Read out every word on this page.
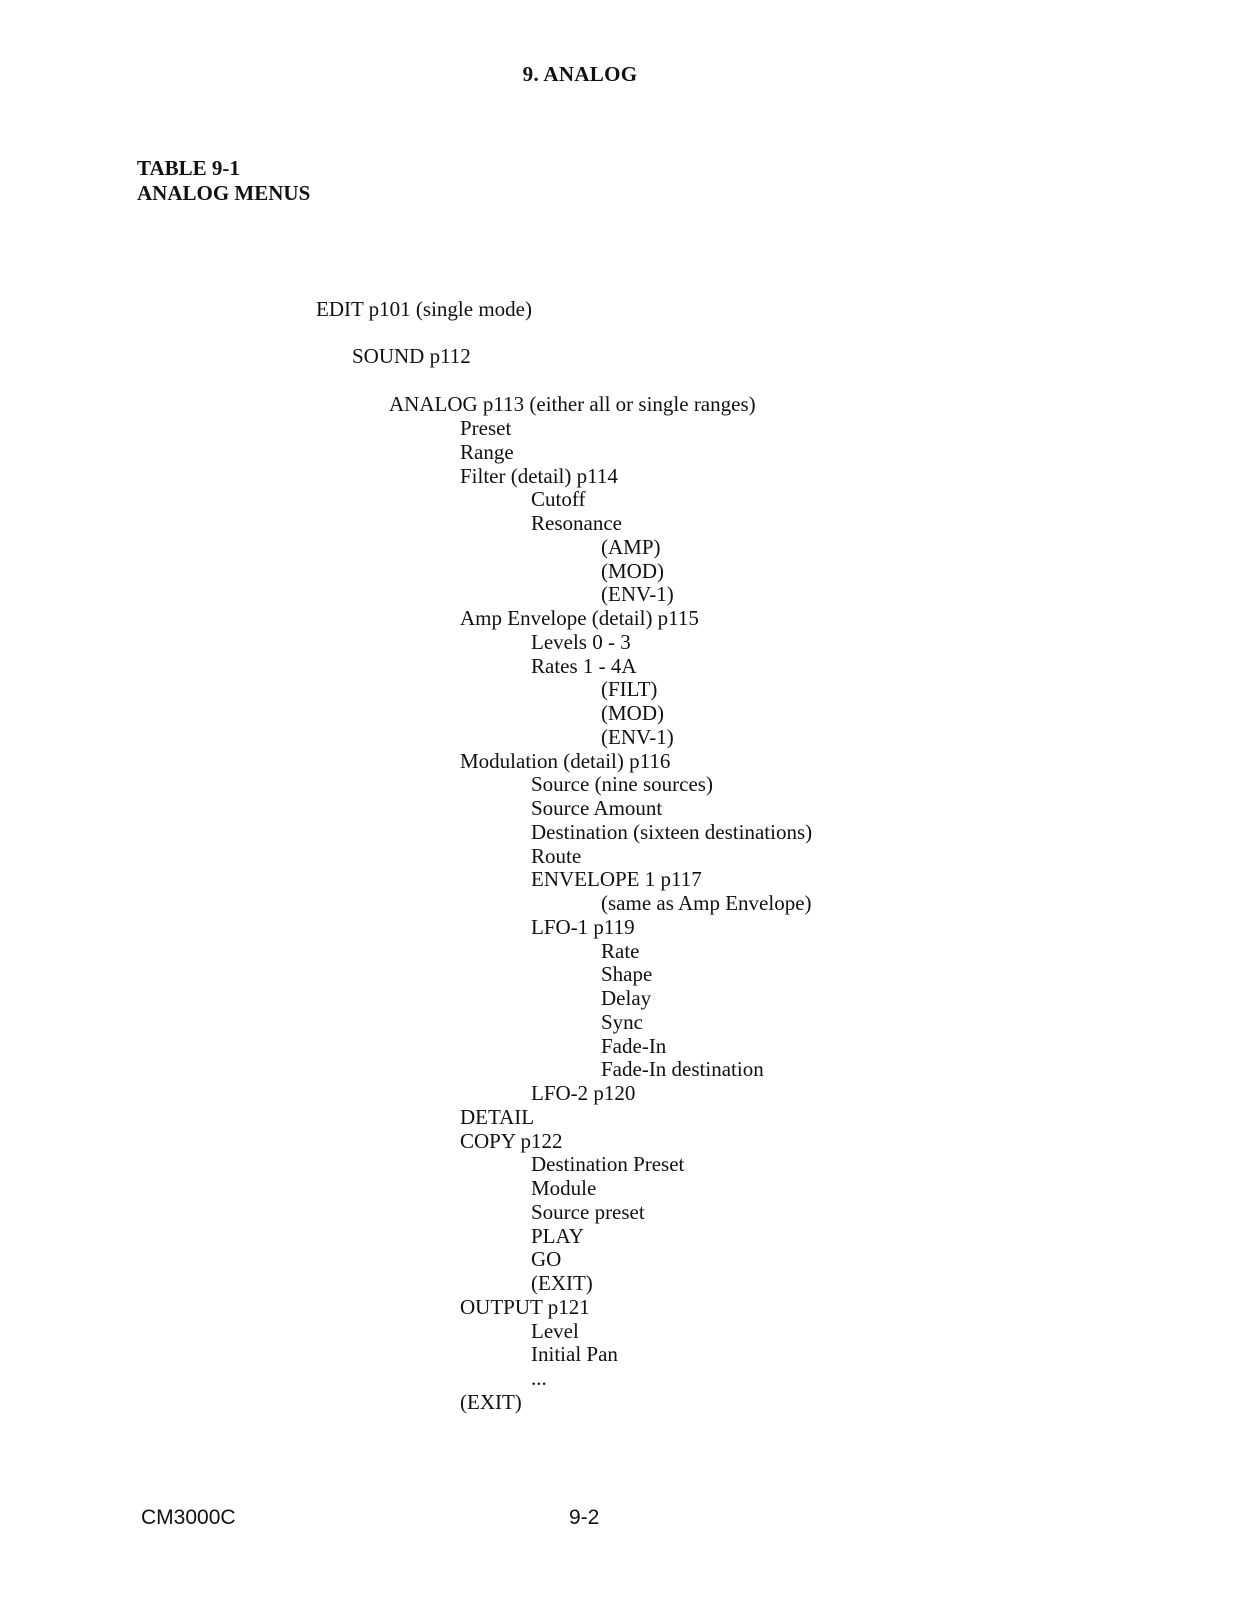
9. ANALOG
TABLE 9-1
ANALOG MENUS
EDIT p101 (single mode)
SOUND p112
ANALOG p113 (either all or single ranges)
Preset
Range
Filter (detail) p114
Cutoff
Resonance
(AMP)
(MOD)
(ENV-1)
Amp Envelope (detail) p115
Levels 0 - 3
Rates 1 - 4A
(FILT)
(MOD)
(ENV-1)
Modulation (detail) p116
Source (nine sources)
Source Amount
Destination (sixteen destinations)
Route
ENVELOPE 1 p117
(same as Amp Envelope)
LFO-1 p119
Rate
Shape
Delay
Sync
Fade-In
Fade-In destination
LFO-2 p120
DETAIL
COPY p122
Destination Preset
Module
Source preset
PLAY
GO
(EXIT)
OUTPUT p121
Level
Initial Pan
...
(EXIT)
CM3000C	9-2
